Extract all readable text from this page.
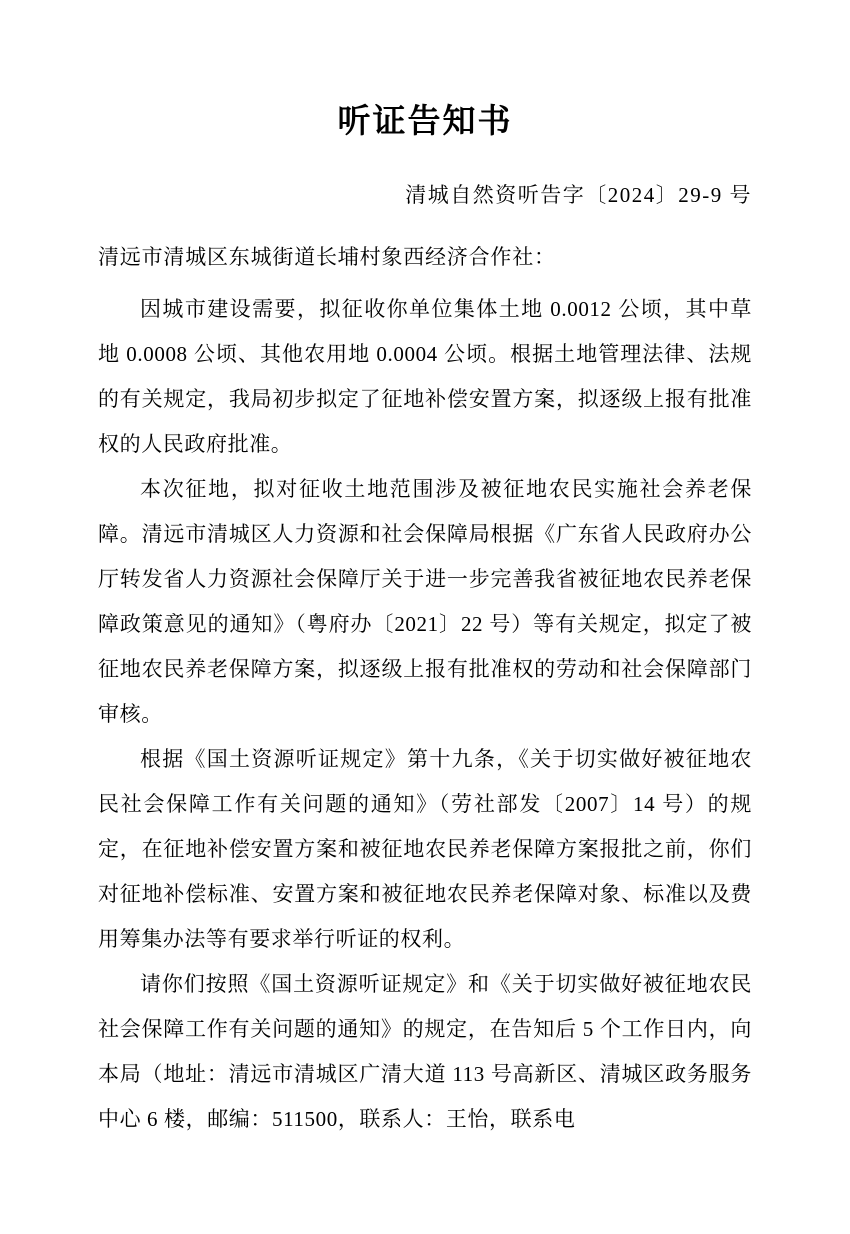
听证告知书
清城自然资听告字〔2024〕29-9 号
清远市清城区东城街道长埔村象西经济合作社：

因城市建设需要，拟征收你单位集体土地 0.0012 公顷，其中草地 0.0008 公顷、其他农用地 0.0004 公顷。根据土地管理法律、法规的有关规定，我局初步拟定了征地补偿安置方案，拟逐级上报有批准权的人民政府批准。

本次征地，拟对征收土地范围涉及被征地农民实施社会养老保障。清远市清城区人力资源和社会保障局根据《广东省人民政府办公厅转发省人力资源社会保障厅关于进一步完善我省被征地农民养老保障政策意见的通知》（粤府办〔2021〕22 号）等有关规定，拟定了被征地农民养老保障方案，拟逐级上报有批准权的劳动和社会保障部门审核。

根据《国土资源听证规定》第十九条，《关于切实做好被征地农民社会保障工作有关问题的通知》（劳社部发〔2007〕14 号）的规定，在征地补偿安置方案和被征地农民养老保障方案报批之前，你们对征地补偿标准、安置方案和被征地农民养老保障对象、标准以及费用筹集办法等有要求举行听证的权利。

请你们按照《国土资源听证规定》和《关于切实做好被征地农民社会保障工作有关问题的通知》的规定，在告知后 5 个工作日内，向本局（地址：清远市清城区广清大道 113 号高新区、清城区政务服务中心 6 楼，邮编：511500，联系人：王怡，联系电
